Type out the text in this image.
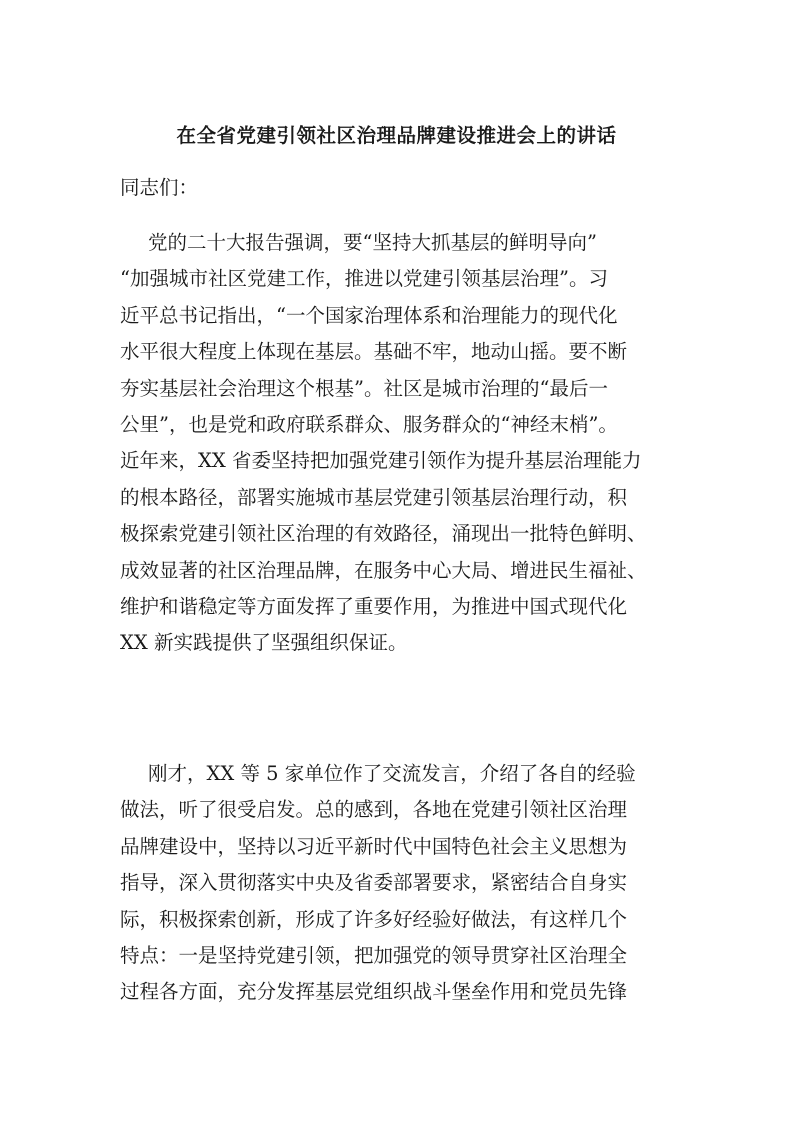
在全省党建引领社区治理品牌建设推进会上的讲话
同志们：
党的二十大报告强调，要“坚持大抓基层的鲜明导向”
“加强城市社区党建工作，推进以党建引领基层治理”。习
近平总书记指出，“一个国家治理体系和治理能力的现代化
水平很大程度上体现在基层。基础不牢，地动山摇。要不断
夯实基层社会治理这个根基”。社区是城市治理的“最后一
公里”，也是党和政府联系群众、服务群众的“神经末梢”。
近年来，XX 省委坚持把加强党建引领作为提升基层治理能力
的根本路径，部署实施城市基层党建引领基层治理行动，积
极探索党建引领社区治理的有效路径，涌现出一批特色鲜明、
成效显著的社区治理品牌，在服务中心大局、增进民生福祉、
维护和谐稳定等方面发挥了重要作用，为推进中国式现代化
XX 新实践提供了坚强组织保证。
刚才，XX 等 5 家单位作了交流发言，介绍了各自的经验
做法，听了很受启发。总的感到，各地在党建引领社区治理
品牌建设中，坚持以习近平新时代中国特色社会主义思想为
指导，深入贯彻落实中央及省委部署要求，紧密结合自身实
际，积极探索创新，形成了许多好经验好做法，有这样几个
特点：一是坚持党建引领，把加强党的领导贯穿社区治理全
过程各方面，充分发挥基层党组织战斗堡垒作用和党员先锋
